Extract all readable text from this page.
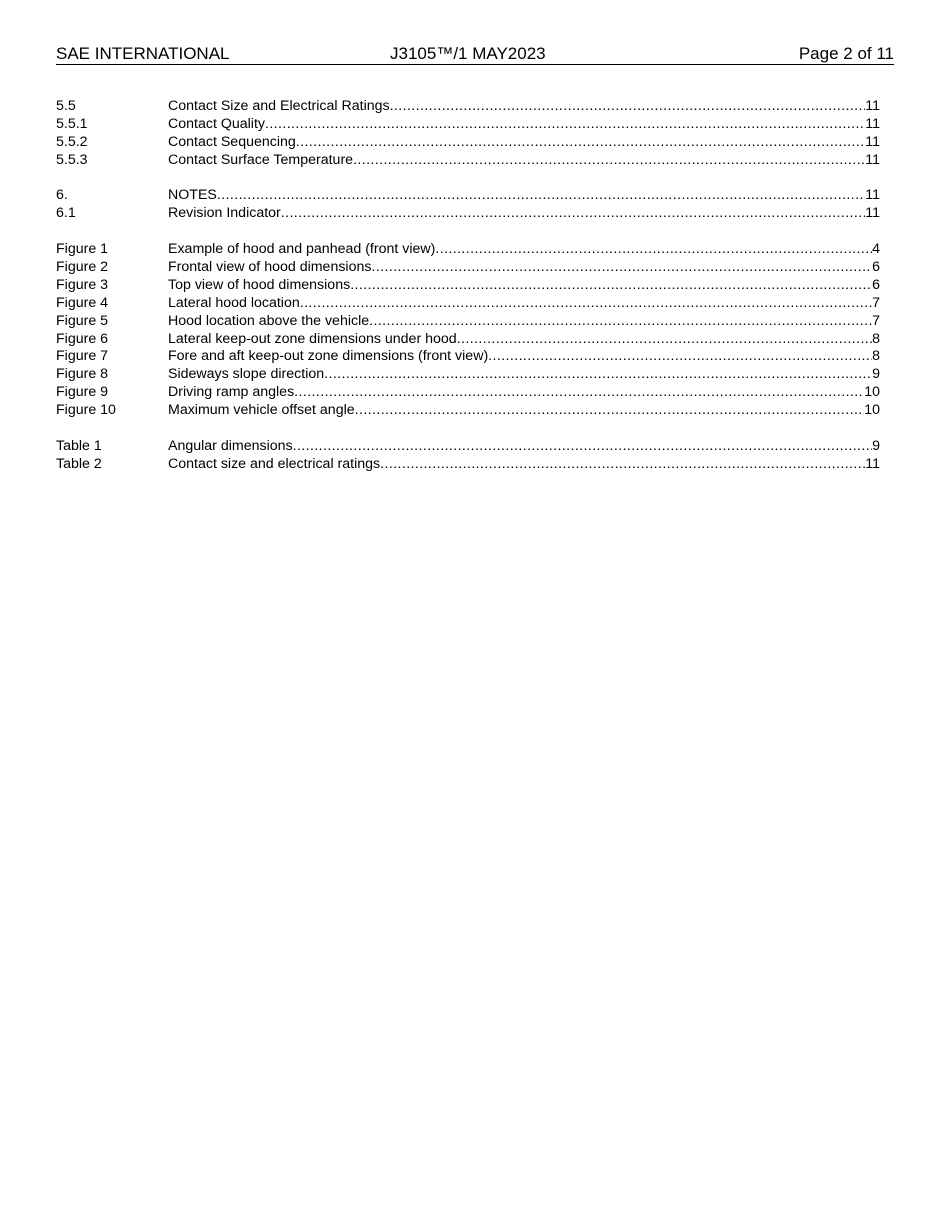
SAE INTERNATIONAL	J3105™/1 MAY2023	Page 2 of 11
5.5	Contact Size and Electrical Ratings .....	11
5.5.1	Contact Quality .....	11
5.5.2	Contact Sequencing .....	11
5.5.3	Contact Surface Temperature .....	11
6.	NOTES .....	11
6.1	Revision Indicator .....	11
Figure 1	Example of hood and panhead (front view) .....	4
Figure 2	Frontal view of hood dimensions .....	6
Figure 3	Top view of hood dimensions .....	6
Figure 4	Lateral hood location .....	7
Figure 5	Hood location above the vehicle .....	7
Figure 6	Lateral keep-out zone dimensions under hood .....	8
Figure 7	Fore and aft keep-out zone dimensions (front view) .....	8
Figure 8	Sideways slope direction .....	9
Figure 9	Driving ramp angles .....	10
Figure 10	Maximum vehicle offset angle .....	10
Table 1	Angular dimensions .....	9
Table 2	Contact size and electrical ratings .....	11
